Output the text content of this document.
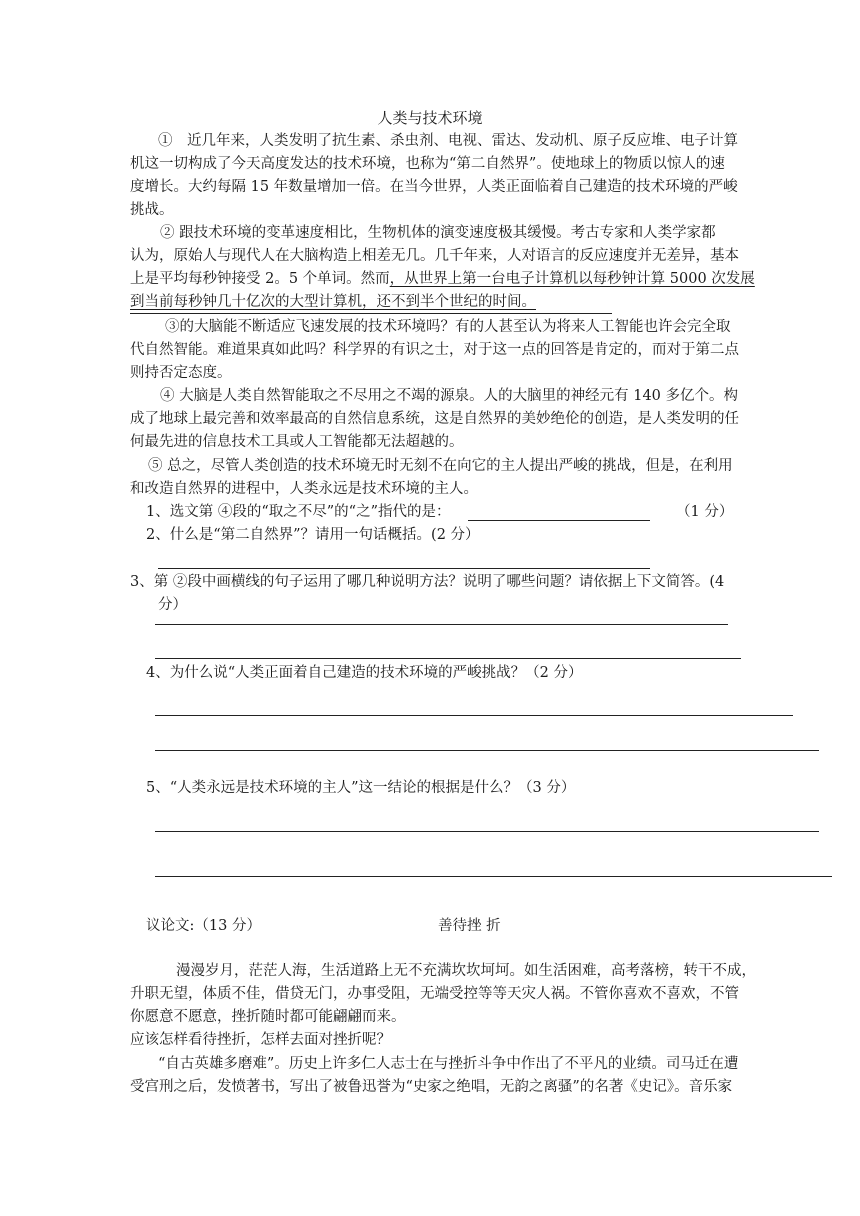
人类与技术环境
①　近几年来，人类发明了抗生素、杀虫剂、电视、雷达、发动机、原子反应堆、电子计算
机这一切构成了今天高度发达的技术环境，也称为“第二自然界”。使地球上的物质以惊人的速
度增长。大约每隔 15 年数量增加一倍。在当今世界，人类正面临着自己建造的技术环境的严峻
挑战。
② 跟技术环境的变革速度相比，生物机体的演变速度极其缓慢。考古专家和人类学家都
认为，原始人与现代人在大脑构造上相差无几。几千年来，人对语言的反应速度并无差异，基本
上是平均每秒钟接受 2。5 个单词。然而，从世界上第一台电子计算机以每秒钟计算 5000 次发展
到当前每秒钟几十亿次的大型计算机，还不到半个世纪的时间。
③的大脑能不断适应飞速发展的技术环境吗？有的人甚至认为将来人工智能也许会完全取
代自然智能。难道果真如此吗？科学界的有识之士，对于这一点的回答是肯定的，而对于第二点
则持否定态度。
④ 大脑是人类自然智能取之不尽用之不竭的源泉。人的大脑里的神经元有 140 多亿个。构
成了地球上最完善和效率最高的自然信息系统，这是自然界的美妙绝伦的创造，是人类发明的任
何最先进的信息技术工具或人工智能都无法超越的。
⑤ 总之，尽管人类创造的技术环境无时无刻不在向它的主人提出严峻的挑战，但是，在利用
和改造自然界的进程中，人类永远是技术环境的主人。
1、选文第 ④段的“取之不尽”的“之”指代的是：	（1 分）
2、什么是“第二自然界”？请用一句话概括。(2 分）
3、第 ②段中画横线的句子运用了哪几种说明方法？说明了哪些问题？请依据上下文简答。(4
分）
4、为什么说“人类正面着自己建造的技术环境的严峻挑战？（2 分）
5、“人类永远是技术环境的主人”这一结论的根据是什么？（3 分）
议论文:（13 分）	善待挫 折
漫漫岁月，茫茫人海，生活道路上无不充满坎坎坷坷。如生活困难，高考落榜，转干不成，
升职无望，体质不佳，借贷无门，办事受阻，无端受控等等天灾人祸。不管你喜欢不喜欢，不管
你愿意不愿意，挫折随时都可能翩翩而来。
应该怎样看待挫折，怎样去面对挫折呢？
“自古英雄多磨难”。历史上许多仁人志士在与挫折斗争中作出了不平凡的业绩。司马迁在遭
受宫刑之后，发愤著书，写出了被鲁迅誉为“史家之绝唱，无韵之离骚”的名著《史记》。音乐家
